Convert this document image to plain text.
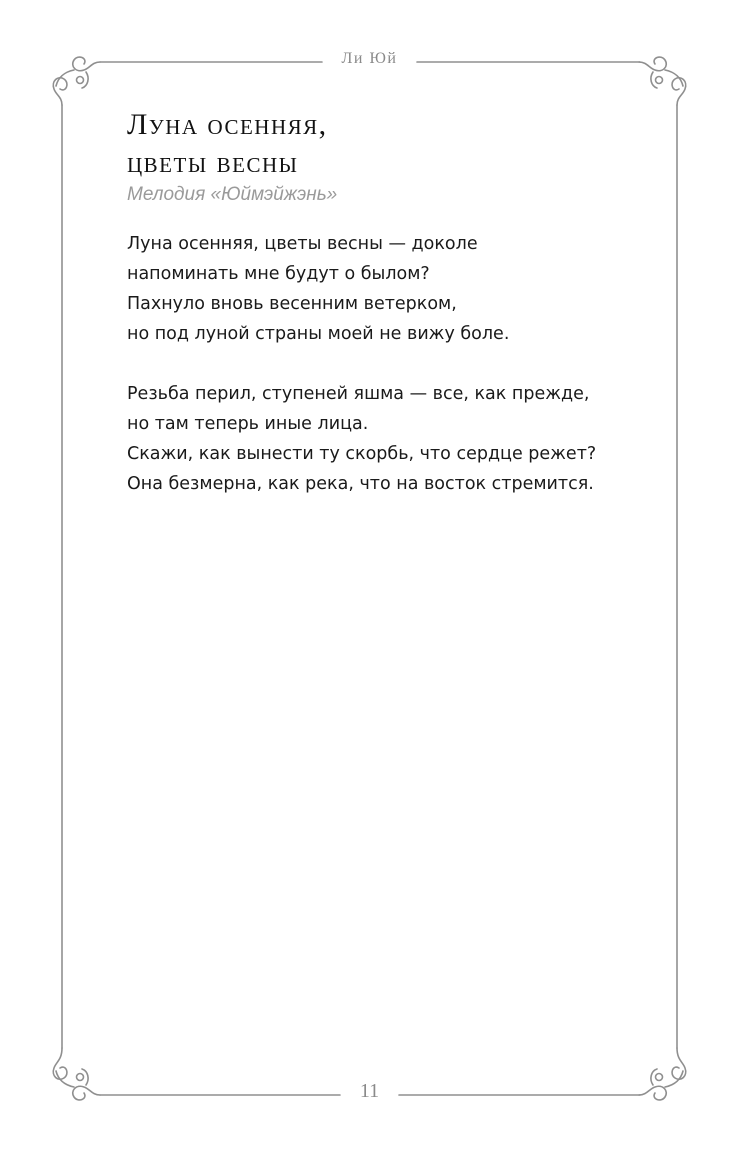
Ли Юй
Луна осенняя,
цветы весны
Мелодия «Юймэйжэнь»
Луна осенняя, цветы весны — доколе
напоминать мне будут о былом?
Пахнуло вновь весенним ветерком,
но под луной страны моей не вижу боле.
Резьба перил, ступеней яшма — все, как прежде,
но там теперь иные лица.
Скажи, как вынести ту скорбь, что сердце режет?
Она безмерна, как река, что на восток стремится.
11
